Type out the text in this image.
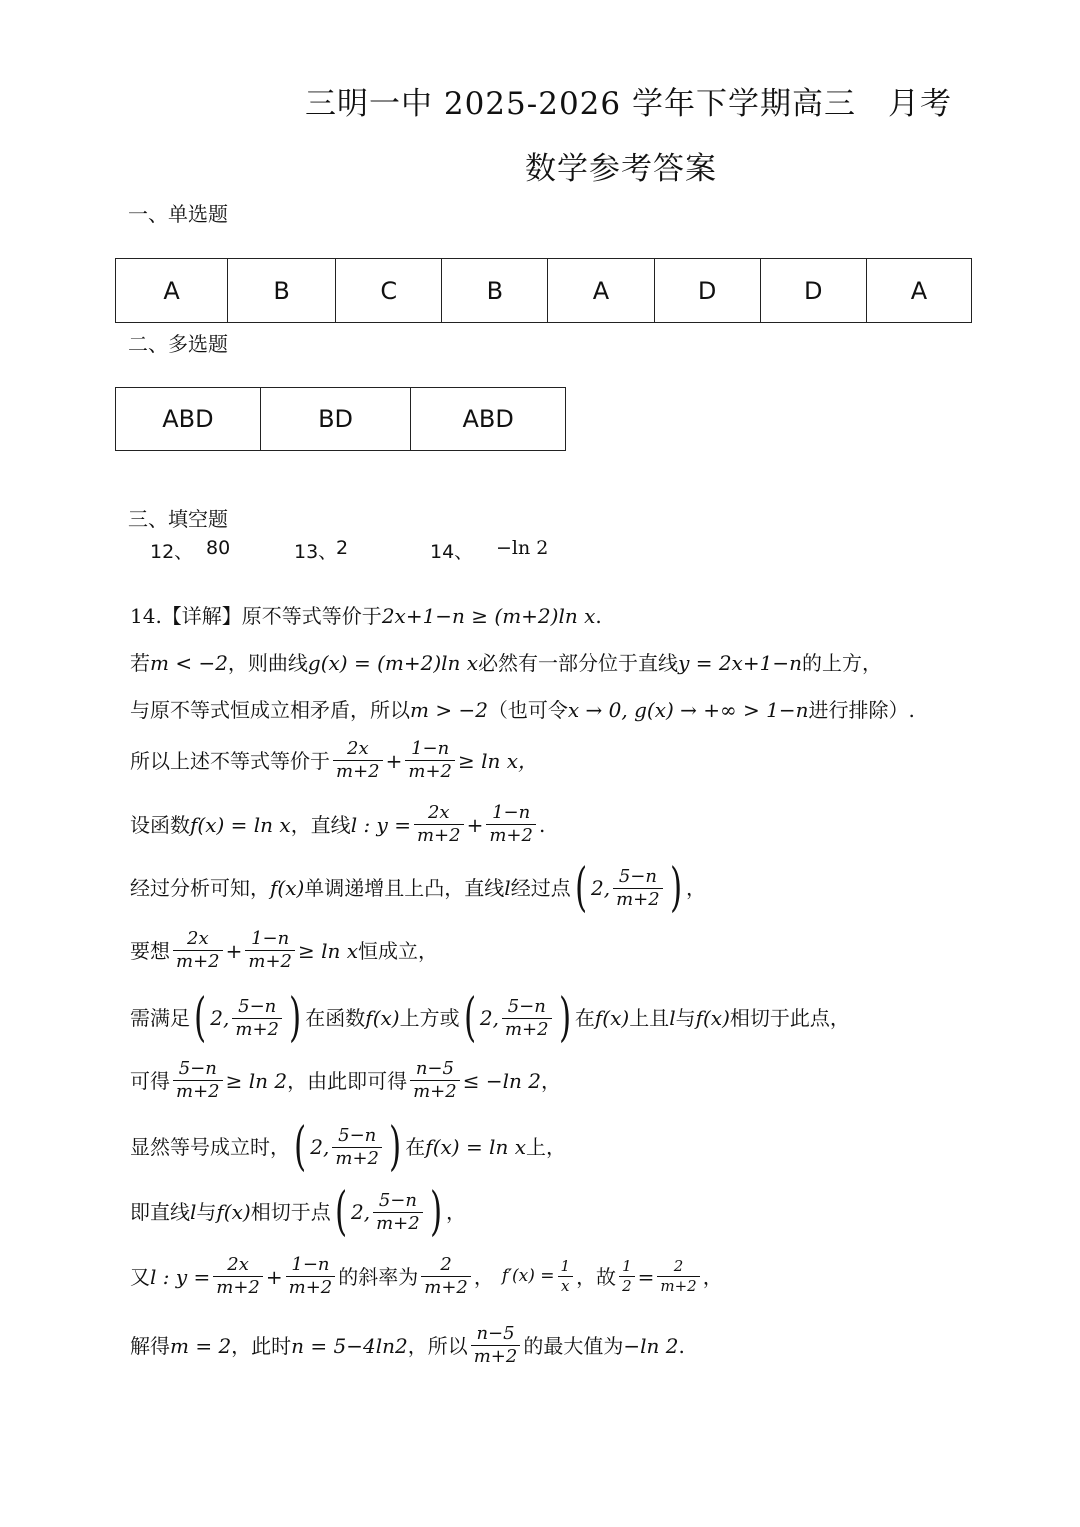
三明一中 2025-2026 学年下学期高三　月考
数学参考答案
一、单选题
A	B	C	B	A	D	D	A
二、多选题
ABD	BD	ABD
三、填空题
12、 80	13、
2	14、 −ln 2
14.【详解】原不等式等价于 2x+1−n ≥ (m+2)ln x .
若 m < −2 ，则曲线 g(x) = (m+2)ln x 必然有一部分位于直线 y = 2x+1−n 的上方，
与原不等式恒成立相矛盾，所以 m > −2 （也可令 x → 0, g(x) → +∞ > 1−n 进行排除）.
所以上述不等式等价于 $\frac{2x}{m+2} + \frac{1-n}{m+2} \ge \ln x$，
设函数 f(x) = ln x ，直线 l : $y = \frac{2x}{m+2} + \frac{1-n}{m+2}$ .
经过分析可知， f(x) 单调递增且上凸，直线 l 经过点 ( 2, $\frac{5-n}{m+2}$ ) ，
要想 $\frac{2x}{m+2} + \frac{1-n}{m+2} \ge \ln x$ 恒成立，
需满足 ( 2, $\frac{5-n}{m+2}$ ) 在函数 f(x) 上方或 ( 2, $\frac{5-n}{m+2}$ ) 在 f(x) 上且 l 与 f(x) 相切于此点，
可得 $\frac{5-n}{m+2} \ge \ln 2$ ，由此即可得 $\frac{n-5}{m+2} \le -\ln$ 2 ，
显然等号成立时， ( 2, $\frac{5-n}{m+2}$ ) 在 f(x) = ln x 上，
即直线 l 与 f(x) 相切于点 ( 2, $\frac{5-n}{m+2}$ ) ，
又 l : $y = \frac{2x}{m+2} + \frac{1-n}{m+2}$ 的斜率为 $\frac{2}{m+2}$ ， $f'(x) = \frac{1}{x}$ ，故 $\frac{1}{2} = \frac{2}{m+2}$ ，
解得 m = 2 ，此时 n = 5−4ln2 ，所以 $\frac{n-5}{m+2}$ 的最大值为 −ln 2 .
